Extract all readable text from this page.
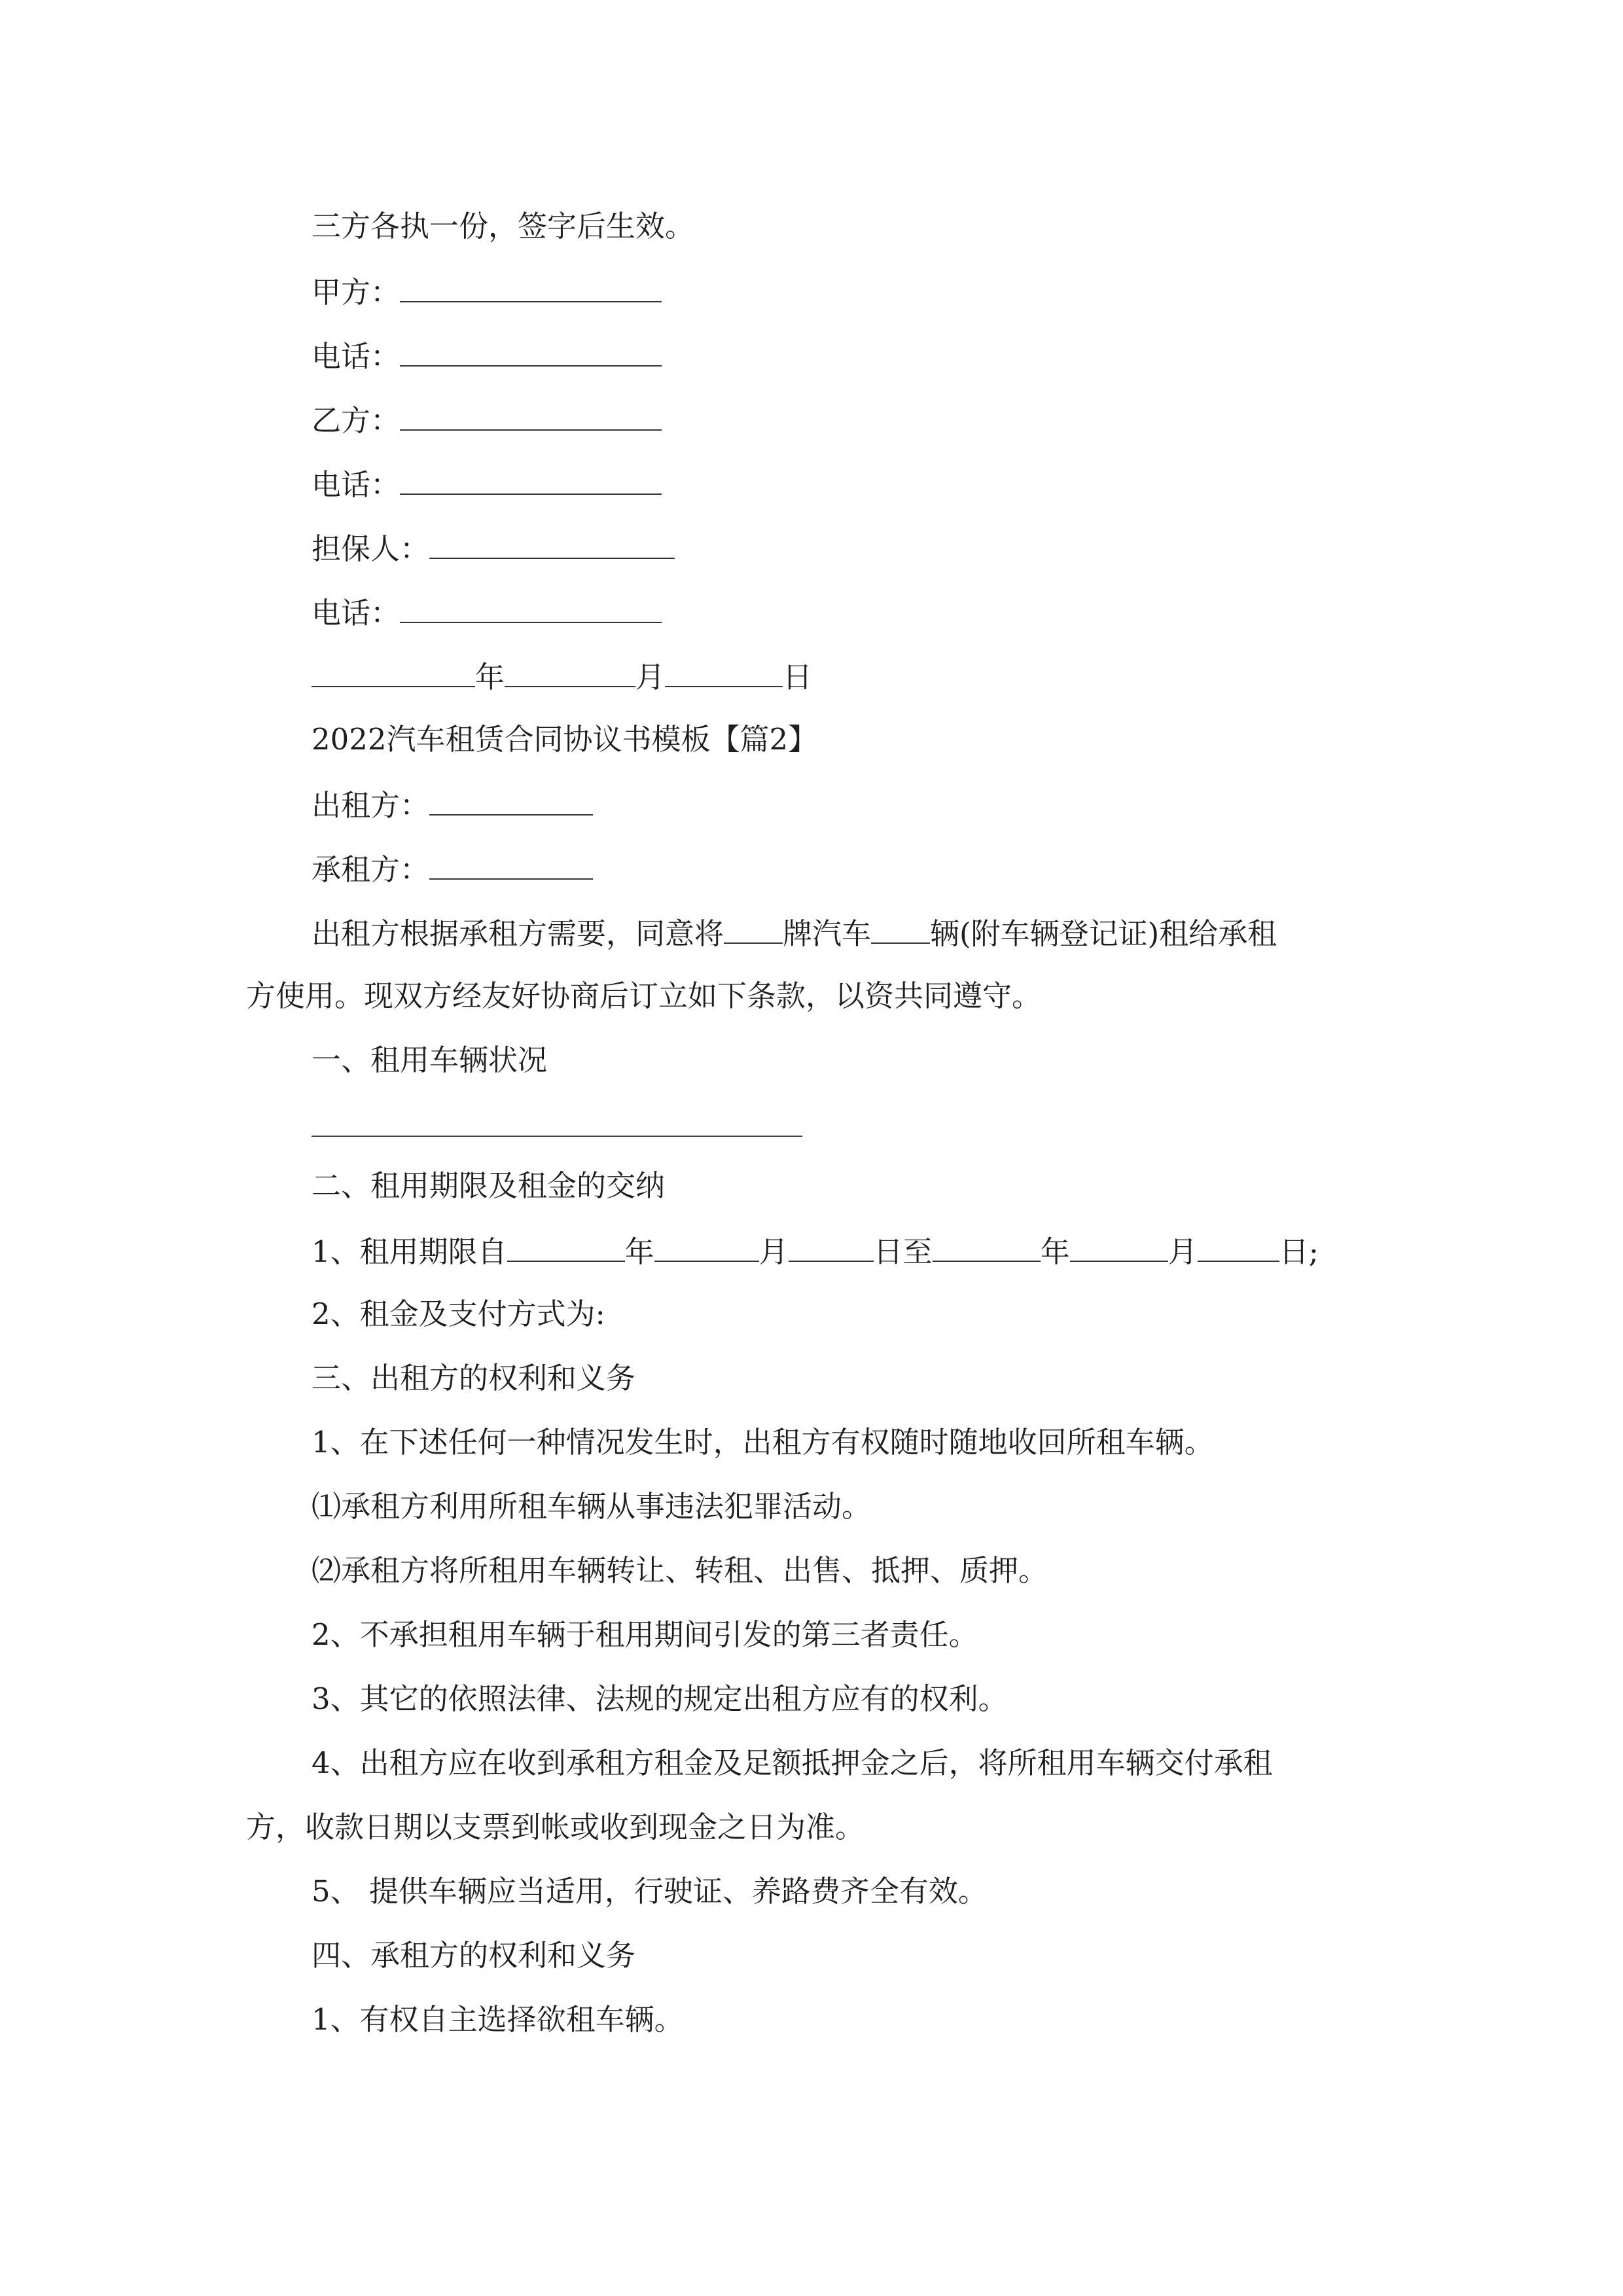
三方各执一份，签字后生效。
甲方：
电话：
乙方：
电话：
担保人：
电话：
年	月	日
2022汽车租赁合同协议书模板【篇2】
出租方：
承租方：
出租方根据承租方需要，同意将 牌汽车 辆(附车辆登记证)租给承租
方使用。现双方经友好协商后订立如下条款，以资共同遵守。
一、租用车辆状况
二、租用期限及租金的交纳
1、租用期限自	年	月	日至	年	月	日;
2、租金及支付方式为:
三、出租方的权利和义务
1、在下述任何一种情况发生时，出租方有权随时随地收回所租车辆。
⑴承租方利用所租车辆从事违法犯罪活动。
⑵承租方将所租用车辆转让、转租、出售、抵押、质押。
2、不承担租用车辆于租用期间引发的第三者责任。
3、其它的依照法律、法规的规定出租方应有的权利。
4、出租方应在收到承租方租金及足额抵押金之后，将所租用车辆交付承租
方，收款日期以支票到帐或收到现金之日为准。
5、 提供车辆应当适用，行驶证、养路费齐全有效。
四、承租方的权利和义务
1、有权自主选择欲租车辆。
